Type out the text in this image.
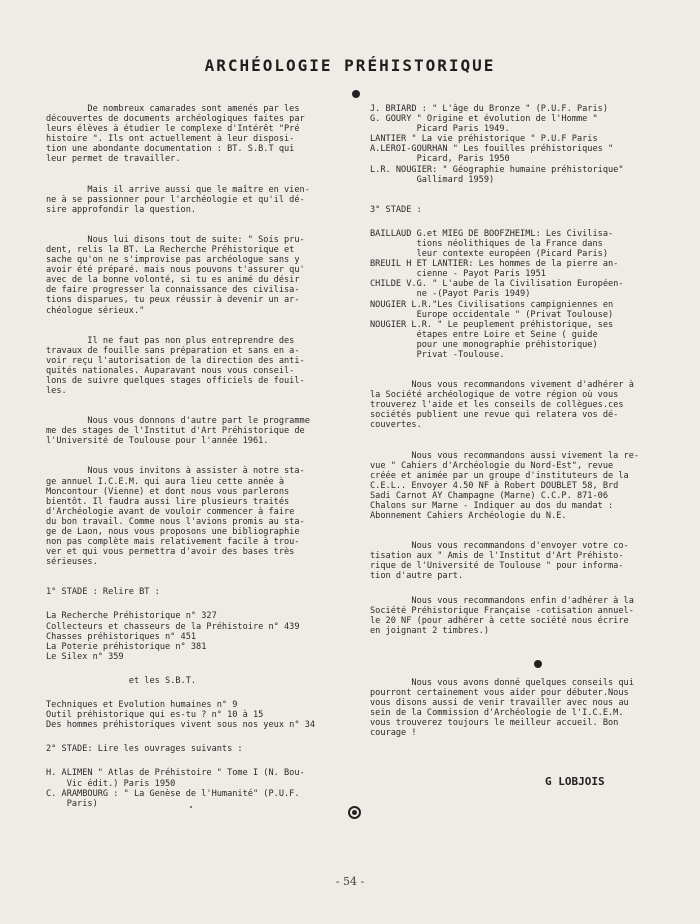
ARCHÉOLOGIE PRÉHISTORIQUE

De nombreux camarades sont amenés par les
découvertes de documents archéologiques faites par
leurs élèves à étudier le complexe d'Intérêt "Pré
histoire ". Ils ont actuellement à leur disposi-
tion une abondante documentation : BT. S.B.T qui
leur permet de travailler.

Mais il arrive aussi que le maître en vien-
ne à se passionner pour l'archéologie et qu'il dé-
sire approfondir la question.

Nous lui disons tout de suite: " Sois pru-
dent, relis la BT. La Recherche Préhistorique et
sache qu'on ne s'improvise pas archéologue sans y
avoir été préparé. mais nous pouvons t'assurer qu'
avec de la bonne volonté, si tu es animé du désir
de faire progresser la connaissance des civilisa-
tions disparues, tu peux réussir à devenir un ar-
chéologue sérieux."

Il ne faut pas non plus entreprendre des
travaux de fouille sans préparation et sans en a-
voir reçu l'autorisation de la direction des anti-
quités nationales. Auparavant nous vous conseil-
lons de suivre quelques stages officiels de fouil-
les.

Nous vous donnons d'autre part le programme
me des stages de l'Institut d'Art Préhistorique de
l'Université de Toulouse pour l'année 1961.

Nous vous invitons à assister à notre sta-
ge annuel I.C.E.M. qui aura lieu cette année à
Moncontour (Vienne) et dont nous vous parlerons
bientôt. Il faudra aussi lire plusieurs traités
d'Archéologie avant de vouloir commencer à faire
du bon travail. Comme nous l'avions promis au sta-
ge de Laon, nous vous proposons une bibliographie
non pas complète mais relativement facile à trou-
ver et qui vous permettra d'avoir des bases très
sérieuses.

1° STADE : Relire BT :

La Recherche Préhistorique n° 327
Collecteurs et chasseurs de la Préhistoire n° 439
Chasses préhistoriques n° 451
La Poterie préhistorique n° 381
Le Silex n° 359

et les S.B.T.

Techniques et Evolution humaines n° 9
Outil préhistorique qui es-tu ? n° 10 à 15
Des hommes préhistoriques vivent sous nos yeux n° 34

2° STADE: Lire les ouvrages suivants :

H. ALIMEN " Atlas de Préhistoire " Tome I (N. Bou-
Vic édit.) Paris 1950
C. ARAMBOURG : " La Genèse de l'Humanité" (P.U.F.
Paris)

J. BRIARD : " L'âge du Bronze " (P.U.F. Paris)
G. GOURY " Origine et évolution de l'Homme "
Picard Paris 1949.
LANTIER " La vie préhistorique " P.U.F Paris
A.LEROI-GOURHAN " Les fouilles préhistoriques "
Picard, Paris 1950
L.R. NOUGIER: " Géographie humaine préhistorique"
Gallimard 1959)

3° STADE :

BAILLAUD G.et MIEG DE BOOFZHEIML: Les Civilisa-
tions néolithiques de la France dans
leur contexte européen (Picard Paris)
BREUIL H ET LANTIER: Les hommes de la pierre an-
cienne - Payot Paris 1951
CHILDE V.G. " L'aube de la Civilisation Européen-
ne -(Payot Paris 1949)
NOUGIER L.R."Les Civilisations campigniennes en
Europe occidentale " (Privat Toulouse)
NOUGIER L.R. " Le peuplement préhistorique, ses
étapes entre Loire et Seine ( guide
pour une monographie préhistorique)
Privat -Toulouse.

Nous vous recommandons vivement d'adhérer à
la Société archéologique de votre région où vous
trouverez l'aide et les conseils de collègues.ces
sociétés publient une revue qui relatera vos dé-
couvertes.

Nous vous recommandons aussi vivement la re-
vue " Cahiers d'Archéologie du Nord-Est", revue
créée et animée par un groupe d'instituteurs de la
C.E.L.. Envoyer 4.50 NF à Robert DOUBLET 58, Brd
Sadi Carnot AY Champagne (Marne) C.C.P. 871-06
Chalons sur Marne - Indiquer au dos du mandat :
Abonnement Cahiers Archéologie du N.E.

Nous vous recommandons d'envoyer votre co-
tisation aux " Amis de l'Institut d'Art Préhisto-
rique de l'Université de Toulouse " pour informa-
tion d'autre part.

Nous vous recommandons enfin d'adhérer à la
Société Préhistorique Française -cotisation annuel-
le 20 NF (pour adhérer à cette société nous écrire
en joignant 2 timbres.)

Nous vous avons donné quelques conseils qui
pourront certainement vous aider pour débuter.Nous
vous disons aussi de venir travailler avec nous au
sein de la Commission d'Archéologie de l'I.C.E.M.
vous trouverez toujours le meilleur accueil. Bon
courage !

G LOBJOIS
- 54 -
